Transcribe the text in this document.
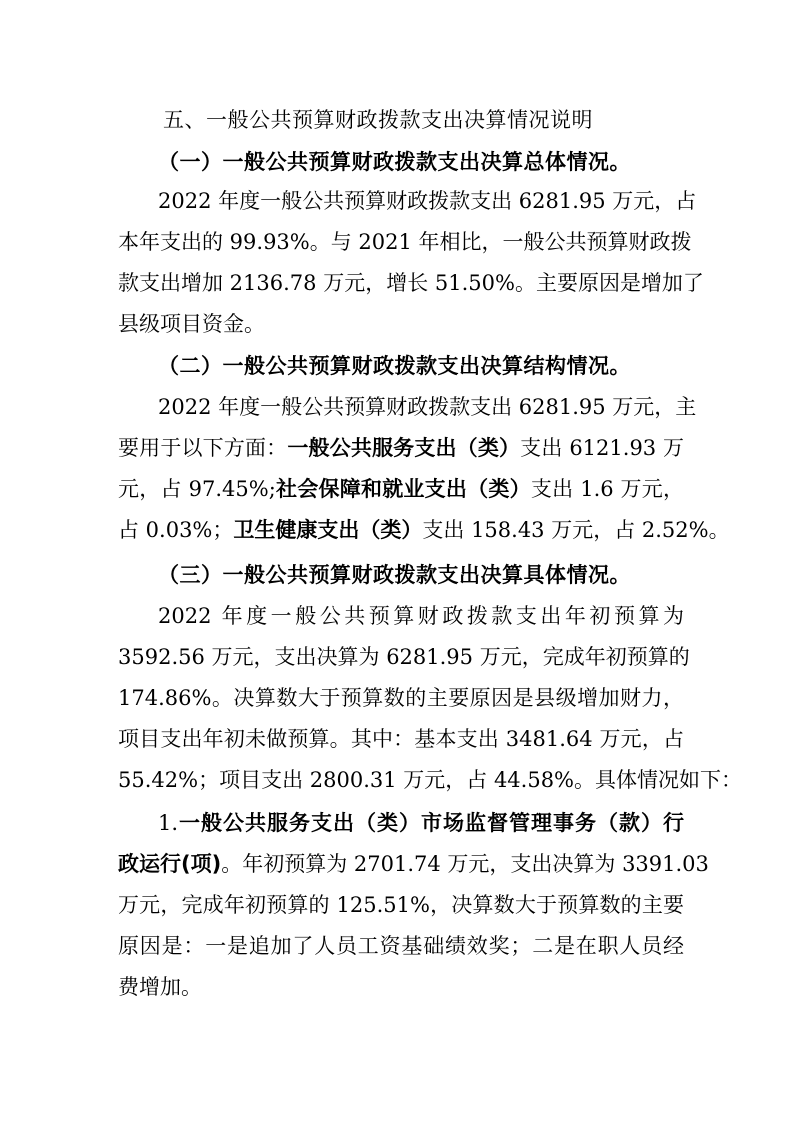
五、一般公共预算财政拨款支出决算情况说明
（一）一般公共预算财政拨款支出决算总体情况。
2022 年度一般公共预算财政拨款支出 6281.95 万元，占
本年支出的 99.93%。与 2021 年相比，一般公共预算财政拨
款支出增加 2136.78 万元，增长 51.50%。主要原因是增加了
县级项目资金。
（二）一般公共预算财政拨款支出决算结构情况。
2022 年度一般公共预算财政拨款支出 6281.95 万元，主
要用于以下方面：一般公共服务支出（类）支出 6121.93 万
元，占 97.45%;社会保障和就业支出（类）支出 1.6 万元，
占 0.03%；卫生健康支出（类）支出 158.43 万元，占 2.52%。
（三）一般公共预算财政拨款支出决算具体情况。
2022 年度一般公共预算财政拨款支出年初预算为
3592.56 万元，支出决算为 6281.95 万元，完成年初预算的
174.86%。决算数大于预算数的主要原因是县级增加财力，
项目支出年初未做预算。其中：基本支出 3481.64 万元，占
55.42%；项目支出 2800.31 万元，占 44.58%。具体情况如下：
1.一般公共服务支出（类）市场监督管理事务（款）行
政运行(项)。年初预算为 2701.74 万元，支出决算为 3391.03
万元，完成年初预算的 125.51%，决算数大于预算数的主要
原因是：一是追加了人员工资基础绩效奖；二是在职人员经
费增加。
